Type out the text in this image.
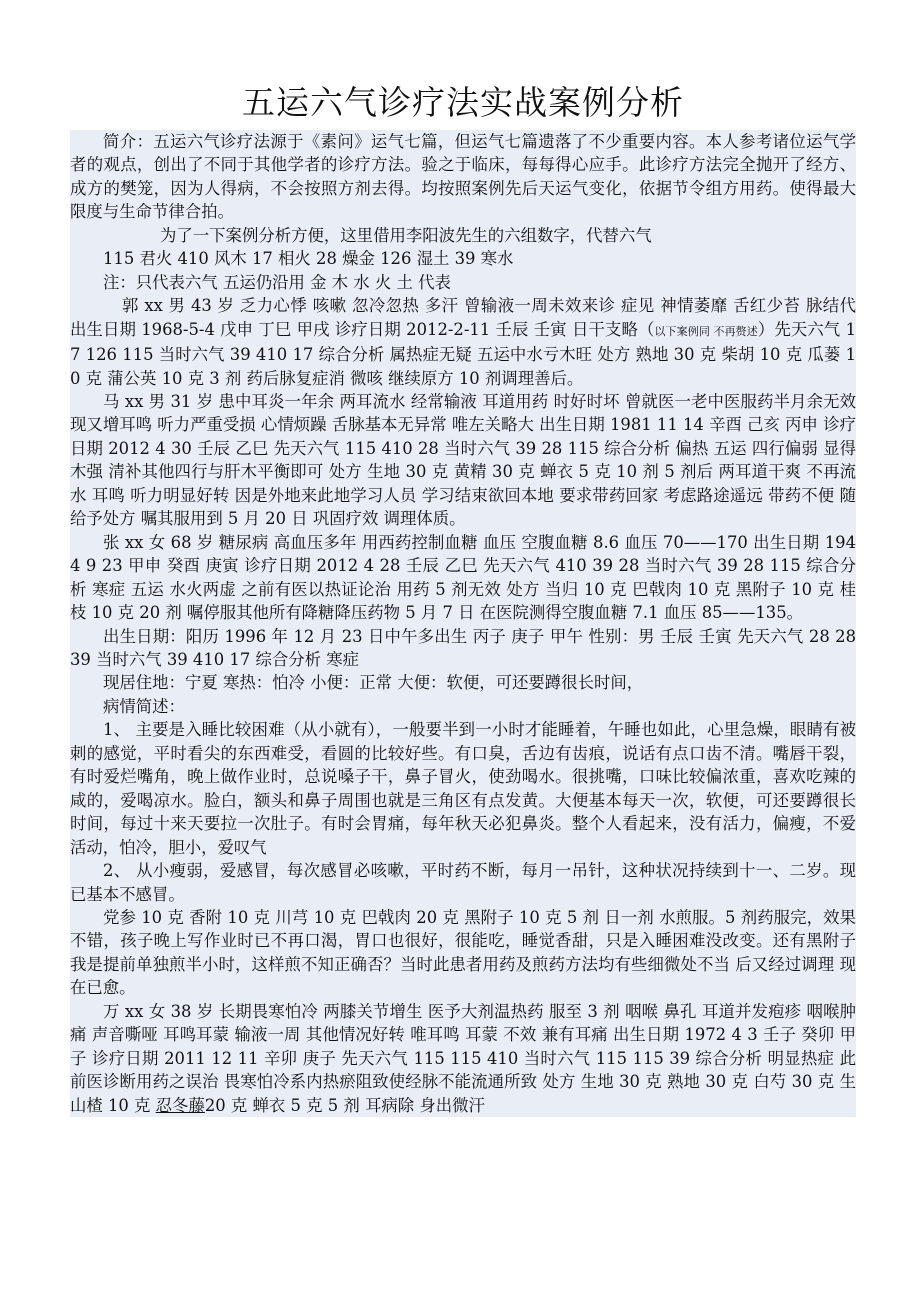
五运六气诊疗法实战案例分析

简介：五运六气诊疗法源于《素问》运气七篇，但运气七篇遗落了不少重要内容。本人参考诸位运气学者的观点，创出了不同于其他学者的诊疗方法。验之于临床，每每得心应手。此诊疗方法完全抛开了经方、成方的樊笼，因为人得病，不会按照方剂去得。均按照案例先后天运气变化，依据节令组方用药。使得最大限度与生命节律合拍。

为了一下案例分析方便，这里借用李阳波先生的六组数字，代替六气

115 君火 410 风木 17 相火 28 燥金 126 湿土 39 寒水

注：只代表六气 五运仍沿用 金 木 水 火 土 代表

郭 xx 男 43 岁 乏力心悸 咳嗽 忽冷忽热 多汗 曾输液一周未效来诊 症见 神情萎靡 舌红少苔 脉结代 出生日期 1968-5-4 戊申 丁巳 甲戌 诊疗日期 2012-2-11 壬辰 壬寅 日干支略（以下案例同 不再赘述）先天六气 17 126 115 当时六气 39 410 17 综合分析 属热症无疑 五运中水亏木旺 处方 熟地 30 克 柴胡 10 克 瓜蒌 10 克 蒲公英 10 克 3 剂 药后脉复症消 微咳 继续原方 10 剂调理善后。

马 xx 男 31 岁 患中耳炎一年余 两耳流水 经常输液 耳道用药 时好时坏 曾就医一老中医服药半月余无效 现又增耳鸣 听力严重受损 心情烦躁 舌脉基本无异常 唯左关略大 出生日期 1981 11 14 辛酉 己亥 丙申 诊疗日期 2012 4 30 壬辰 乙巳 先天六气 115 410 28 当时六气 39 28 115 综合分析 偏热 五运 四行偏弱 显得木强 清补其他四行与肝木平衡即可 处方 生地 30 克 黄精 30 克 蝉衣 5 克 10 剂 5 剂后 两耳道干爽 不再流水 耳鸣 听力明显好转 因是外地来此地学习人员 学习结束欲回本地 要求带药回家 考虑路途遥远 带药不便 随给予处方 嘱其服用到 5 月 20 日 巩固疗效 调理体质。

张 xx 女 68 岁 糖尿病 高血压多年 用西药控制血糖 血压 空腹血糖 8.6 血压 70——170 出生日期 1944 9 23 甲申 癸酉 庚寅 诊疗日期 2012 4 28 壬辰 乙巳 先天六气 410 39 28 当时六气 39 28 115 综合分析 寒症 五运 水火两虚 之前有医以热证论治 用药 5 剂无效 处方 当归 10 克 巴戟肉 10 克 黑附子 10 克 桂枝 10 克 20 剂 嘱停服其他所有降糖降压药物 5 月 7 日 在医院测得空腹血糖 7.1 血压 85——135。

出生日期：阳历 1996 年 12 月 23 日中午多出生 丙子 庚子 甲午 性别：男 壬辰 壬寅 先天六气 28 28 39 当时六气 39 410 17 综合分析 寒症

现居住地：宁夏 寒热：怕冷 小便：正常 大便：软便，可还要蹲很长时间，

病情简述：

1、 主要是入睡比较困难（从小就有），一般要半到一小时才能睡着，午睡也如此，心里急燥，眼睛有被刺的感觉，平时看尖的东西难受，看圆的比较好些。有口臭，舌边有齿痕，说话有点口齿不清。嘴唇干裂，有时爱烂嘴角，晚上做作业时，总说嗓子干，鼻子冒火，使劲喝水。很挑嘴，口味比较偏浓重，喜欢吃辣的咸的，爱喝凉水。脸白，额头和鼻子周围也就是三角区有点发黄。大便基本每天一次，软便，可还要蹲很长时间，每过十来天要拉一次肚子。有时会胃痛，每年秋天必犯鼻炎。整个人看起来，没有活力，偏瘦，不爱活动，怕冷，胆小，爱叹气

2、 从小瘦弱，爱感冒，每次感冒必咳嗽，平时药不断，每月一吊针，这种状况持续到十一、二岁。现已基本不感冒。

党参 10 克 香附 10 克 川芎 10 克 巴戟肉 20 克 黑附子 10 克 5 剂 日一剂 水煎服。5 剂药服完，效果不错，孩子晚上写作业时已不再口渴，胃口也很好，很能吃，睡觉香甜，只是入睡困难没改变。还有黑附子我是提前单独煎半小时，这样煎不知正确否？当时此患者用药及煎药方法均有些细微处不当 后又经过调理 现在已愈。

万 xx 女 38 岁 长期畏寒怕冷 两膝关节增生 医予大剂温热药 服至 3 剂 咽喉 鼻孔 耳道并发疱疹 咽喉肿痛 声音嘶哑 耳鸣耳蒙 输液一周 其他情况好转 唯耳鸣 耳蒙 不效 兼有耳痛 出生日期 1972 4 3 壬子 癸卯 甲子 诊疗日期 2011 12 11 辛卯 庚子 先天六气 115 115 410 当时六气 115 115 39 综合分析 明显热症 此前医诊断用药之误治 畏寒怕冷系内热瘀阻致使经脉不能流通所致 处方 生地 30 克 熟地 30 克 白芍 30 克 生山楂 10 克 忍冬藤20 克 蝉衣 5 克 5 剂 耳病除 身出微汗
